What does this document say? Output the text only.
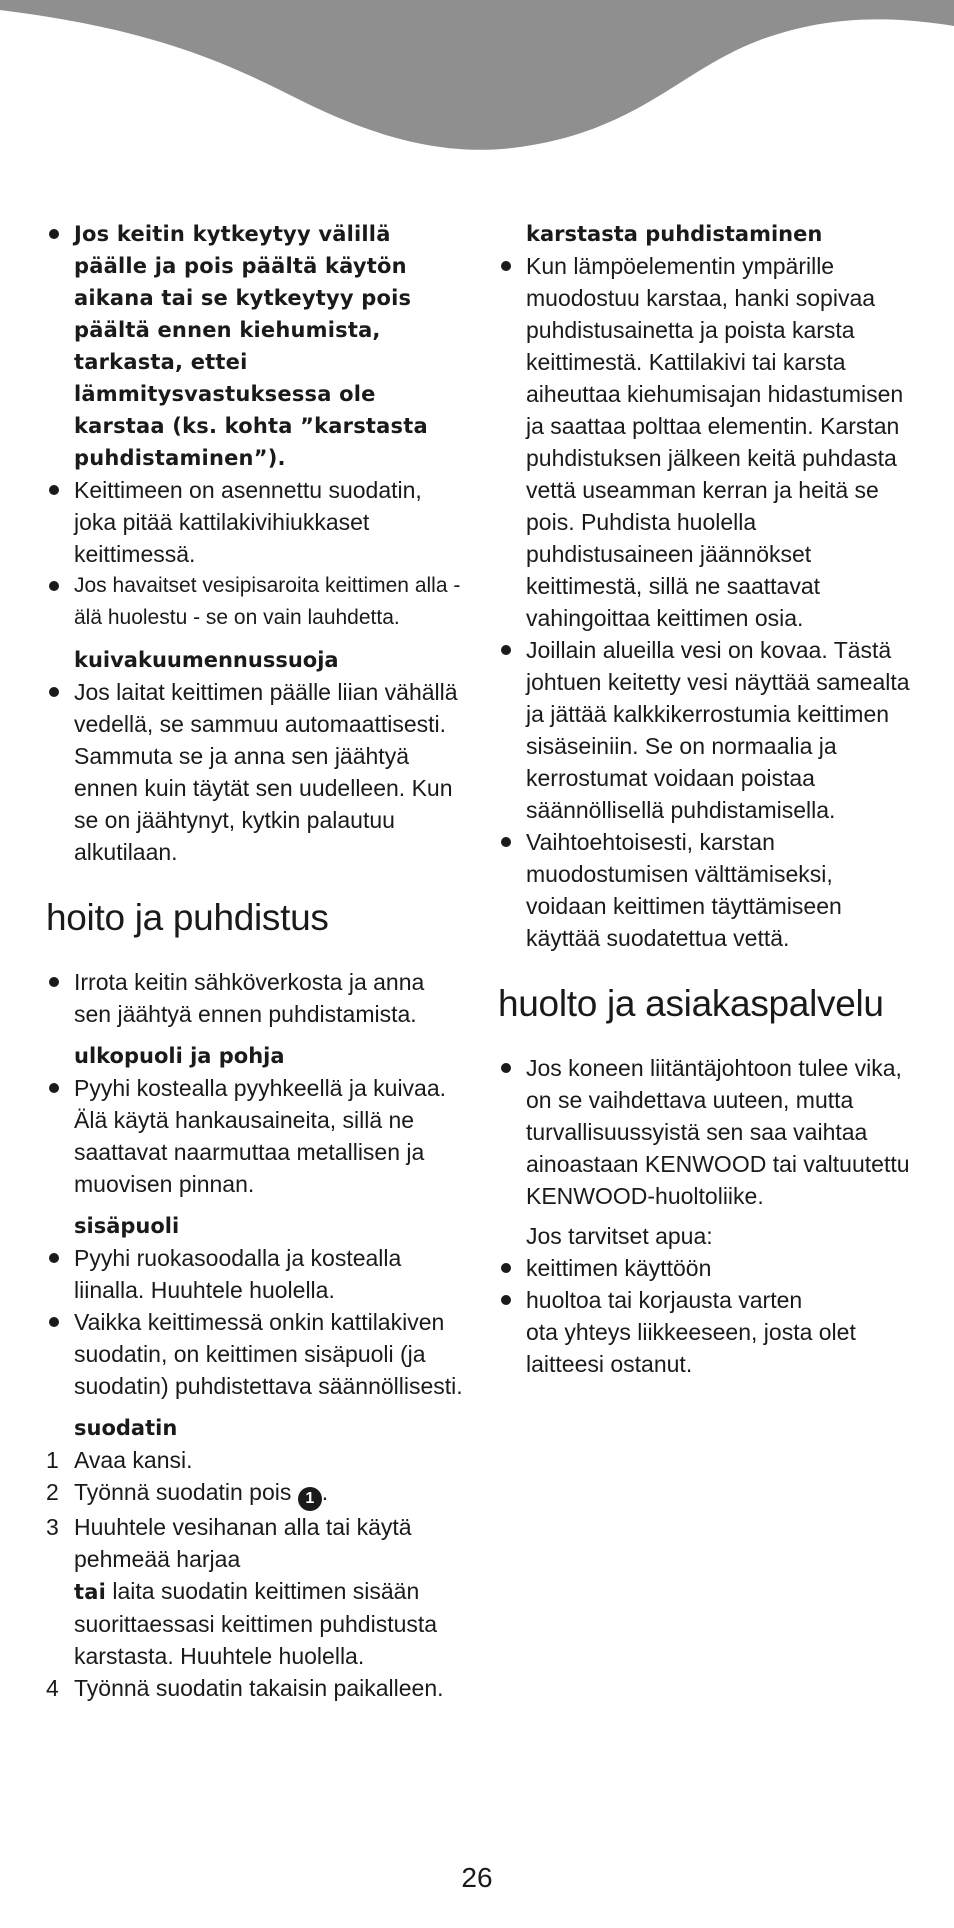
Jos keitin kytkeytyy välillä päälle ja pois päältä käytön aikana tai se kytkeytyy pois päältä ennen kiehumista, tarkasta, ettei lämmitysvastuksessa ole karstaa (ks. kohta ”karstasta puhdistaminen”).
Keittimeen on asennettu suodatin, joka pitää kattilakivihiukkaset keittimessä.
Jos havaitset vesipisaroita keittimen alla - älä huolestu - se on vain lauhdetta.
kuivakuumennussuoja
Jos laitat keittimen päälle liian vähällä vedellä, se sammuu automaattisesti. Sammuta se ja anna sen jäähtyä ennen kuin täytät sen uudelleen. Kun se on jäähtynyt, kytkin palautuu alkutilaan.
hoito ja puhdistus
Irrota keitin sähköverkosta ja anna sen jäähtyä ennen puhdistamista.
ulkopuoli ja pohja
Pyyhi kostealla pyyhkeellä ja kuivaa. Älä käytä hankausaineita, sillä ne saattavat naarmuttaa metallisen ja muovisen pinnan.
sisäpuoli
Pyyhi ruokasoodalla ja kostealla liinalla. Huuhtele huolella.
Vaikka keittimessä onkin kattilakiven suodatin, on keittimen sisäpuoli (ja suodatin) puhdistettava säännöllisesti.
suodatin
1 Avaa kansi.
2 Työnnä suodatin pois 1 .
3 Huuhtele vesihanan alla tai käytä pehmeää harjaa
tai laita suodatin keittimen sisään suorittaessasi keittimen puhdistusta karstasta. Huuhtele huolella.
4 Työnnä suodatin takaisin paikalleen.
karstasta puhdistaminen
Kun lämpöelementin ympärille muodostuu karstaa, hanki sopivaa puhdistusainetta ja poista karsta keittimestä. Kattilakivi tai karsta aiheuttaa kiehumisajan hidastumisen ja saattaa polttaa elementin. Karstan puhdistuksen jälkeen keitä puhdasta vettä useamman kerran ja heitä se pois. Puhdista huolella puhdistusaineen jäännökset keittimestä, sillä ne saattavat vahingoittaa keittimen osia.
Joillain alueilla vesi on kovaa. Tästä johtuen keitetty vesi näyttää samealta ja jättää kalkkikerrostumia keittimen sisäseiniin. Se on normaalia ja kerrostumat voidaan poistaa säännöllisellä puhdistamisella.
Vaihtoehtoisesti, karstan muodostumisen välttämiseksi, voidaan keittimen täyttämiseen käyttää suodatettua vettä.
huolto ja asiakaspalvelu
Jos koneen liitäntäjohtoon tulee vika, on se vaihdettava uuteen, mutta turvallisuussyistä sen saa vaihtaa ainoastaan KENWOOD tai valtuutettu KENWOOD-huoltoliike.
Jos tarvitset apua:
keittimen käyttöön
huoltoa tai korjausta varten
ota yhteys liikkeeseen, josta olet laitteesi ostanut.
26
